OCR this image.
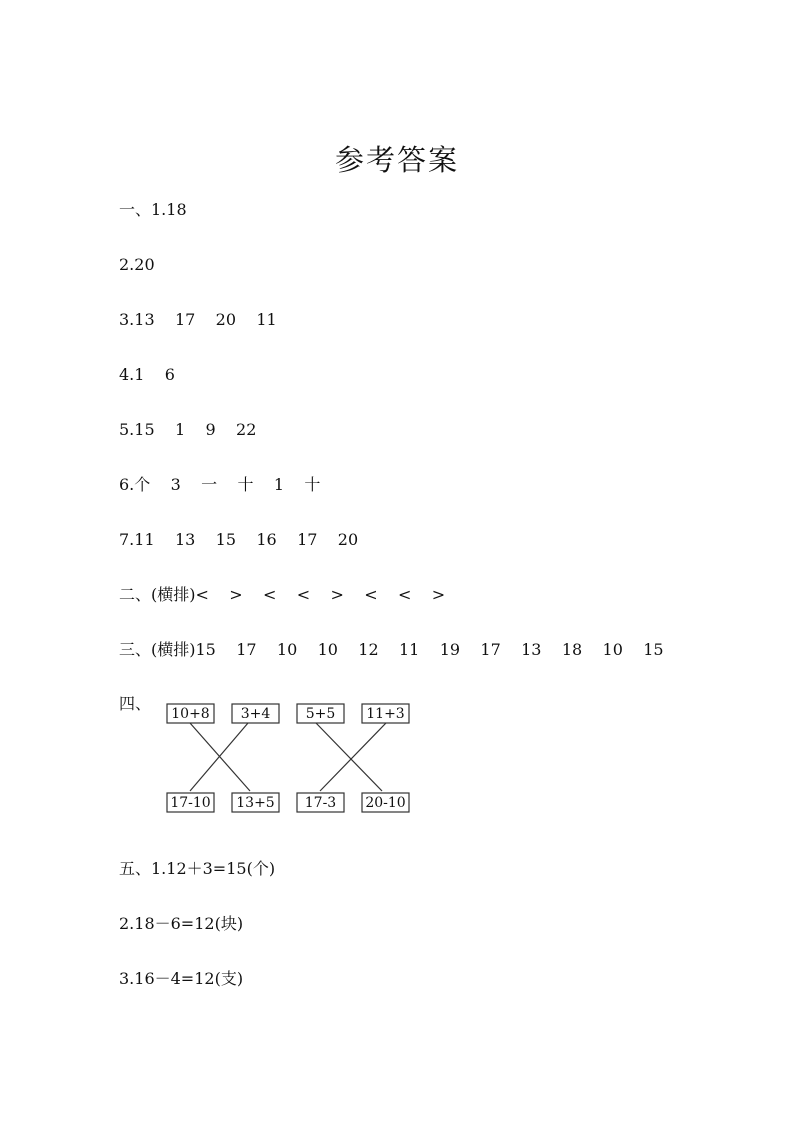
参考答案
一、1.18
2.20
3.13    17    20    11
4.1    6
5.15    1    9    22
6.个    3    一    十    1    十
7.11    13    15    16    17    20
二、(横排)<    >    <    <    >    <    <    >
三、(横排)15    17    10    10    12    11    19    17    13    18    10    15
四、
10+8 3+4	5+5 11+3
17-10 13+5 17-3 20-10
五、1.12＋3=15(个)
2.18－6=12(块)
3.16－4=12(支)
